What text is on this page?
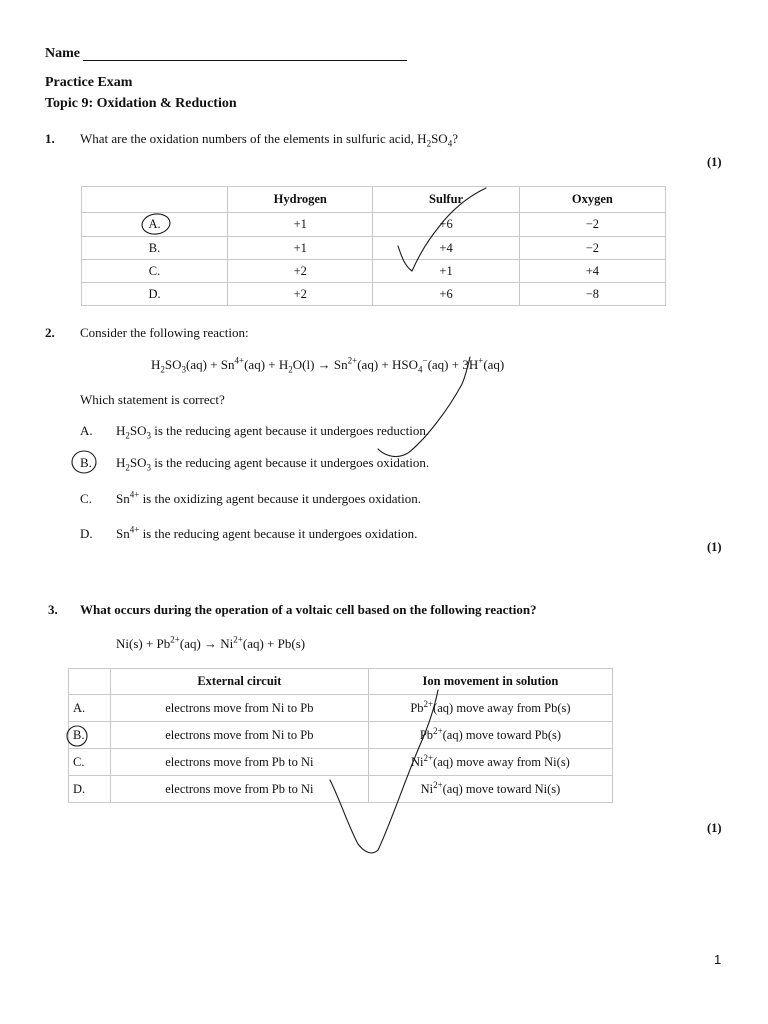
Name
Practice Exam
Topic 9: Oxidation & Reduction
1. What are the oxidation numbers of the elements in sulfuric acid, $H_2SO_4$?
(1)
	Hydrogen	Sulfur	Oxygen
A.	+1	+6	−2
B.	+1	+4	−2
C.	+2	+1	+4
D.	+2	+6	−8
2. Consider the following reaction:
$H_2SO_3(aq) + Sn^{4+}(aq) + H_2O(l) \to Sn^{2+}(aq) + HSO_4^-(aq) + 3H^+(aq)$
Which statement is correct?
A. $H_2SO_3$ is the reducing agent because it undergoes reduction.
B. $H_2SO_3$ is the reducing agent because it undergoes oxidation.
C. $Sn^{4+}$ is the oxidizing agent because it undergoes oxidation.
D. $Sn^{4+}$ is the reducing agent because it undergoes oxidation.
(1)
3. What occurs during the operation of a voltaic cell based on the following reaction?
$Ni(s) + Pb^{2+}(aq) \to Ni^{2+}(aq) + Pb(s)$
	External circuit	Ion movement in solution
A.	electrons move from Ni to Pb	$Pb^{2+}(aq)$ move away from Pb(s)
B.	electrons move from Ni to Pb	$Pb^{2+}(aq)$ move toward Pb(s)
C.	electrons move from Pb to Ni	$Ni^{2+}(aq)$ move away from Ni(s)
D.	electrons move from Pb to Ni	$Ni^{2+}(aq)$ move toward Ni(s)
(1)
1
